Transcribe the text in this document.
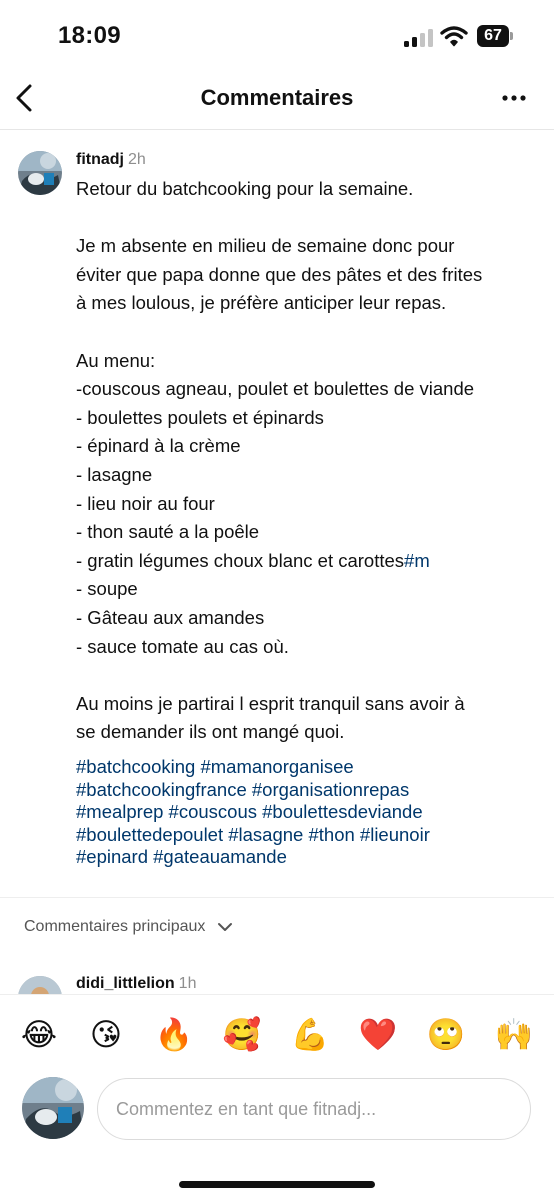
18:09	67
Commentaires
fitnadj 2h

Retour du batchcooking pour la semaine.

Je m absente en milieu de semaine donc pour

éviter que papa donne que des pâtes et des frites

à mes loulous, je préfère anticiper leur repas.

Au menu:

-couscous agneau, poulet et boulettes de viande

- boulettes poulets et épinards

- épinard à la crème

- lasagne

- lieu noir au four

- thon sauté a la poêle

- gratin légumes choux blanc et carottes#m

- soupe

- Gâteau aux amandes

- sauce tomate au cas où.

Au moins je partirai l esprit tranquil sans avoir à

se demander ils ont mangé quoi.

#batchcooking #mamanorganisee

#batchcookingfrance #organisationrepas

#mealprep #couscous #boulettesdeviande

#boulettedepoulet #lasagne #thon #lieunoir

#epinard #gateauamande

Commentaires principaux
didi_littlelion 1h
😂 😘 🔥 🥰 💪 ❤️ 🙄 🙌
Commentez en tant que fitnadj...
